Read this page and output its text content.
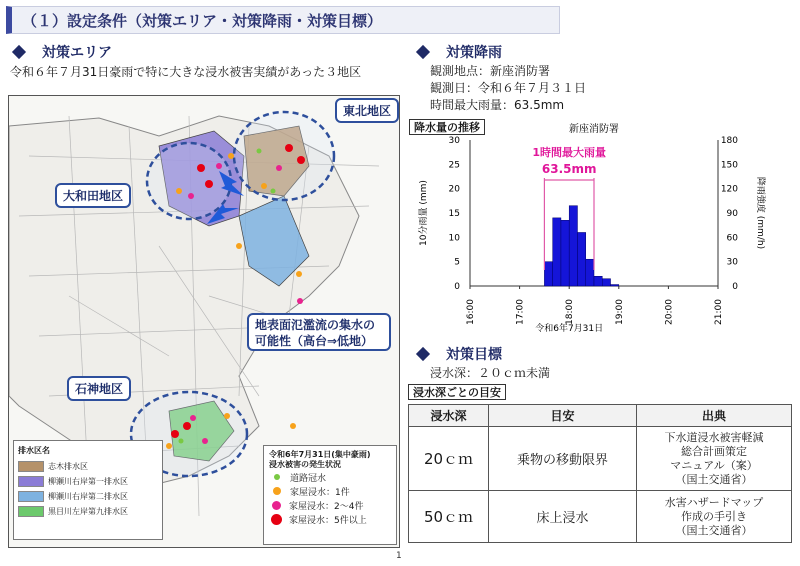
（１）設定条件（対策エリア・対策降雨・対策目標）
対策エリア
令和６年７月31日豪雨で特に大きな浸水被害実績があった３地区
東北地区
大和田地区
石神地区
地表面氾濫流の集水の
可能性（高台⇒低地）
排水区名
志木排水区
柳瀬川右岸第一排水区
柳瀬川右岸第二排水区
黒目川左岸第九排水区
令和6年7月31日(集中豪雨)
浸水被害の発生状況
道路冠水
家屋浸水：1件
家屋浸水：2～4件
家屋浸水：5件以上
対策降雨
観測地点：新座消防署
観測日：令和６年７月３１日
時間最大雨量：63.5mm
降水量の推移	新座消防署
0
5
10
15
20
25
30
0
30
60
90
120
150
180
16:00	17:00	18:00	19:00	20:00	21:00
令和6年7月31日
10分雨量 (mm)	降雨強度 (mm/h)
1時間最大雨量
63.5mm
対策目標
浸水深：２０ｃｍ未満
浸水深ごとの目安
浸水深	目安	出典
20ｃｍ	乗物の移動限界	下水道浸水被害軽減
総合計画策定
マニュアル（案）
（国土交通省）

50ｃｍ	床上浸水	水害ハザードマップ
作成の手引き
（国土交通省）
1
